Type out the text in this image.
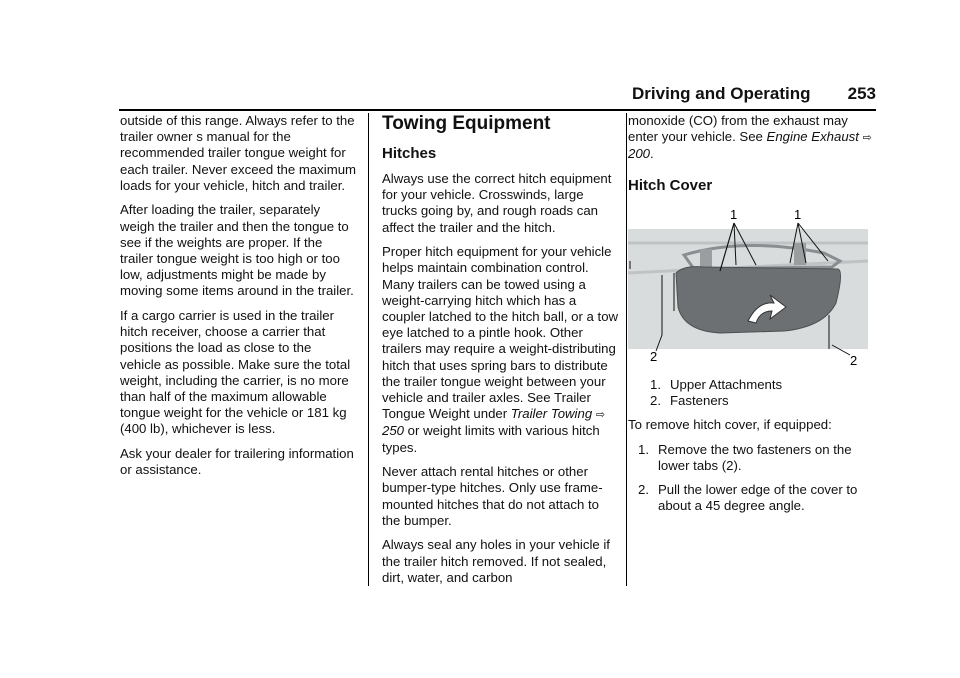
Driving and Operating 253

outside of this range. Always refer to the trailer owner s manual for the recommended trailer tongue weight for each trailer. Never exceed the maximum loads for your vehicle, hitch and trailer.

After loading the trailer, separately weigh the trailer and then the tongue to see if the weights are proper. If the trailer tongue weight is too high or too low, adjustments might be made by moving some items around in the trailer.

If a cargo carrier is used in the trailer hitch receiver, choose a carrier that positions the load as close to the vehicle as possible. Make sure the total weight, including the carrier, is no more than half of the maximum allowable tongue weight for the vehicle or 181 kg (400 lb), whichever is less.

Ask your dealer for trailering information or assistance.

Towing Equipment
Hitches

Always use the correct hitch equipment for your vehicle. Crosswinds, large trucks going by, and rough roads can affect the trailer and the hitch.

Proper hitch equipment for your vehicle helps maintain combination control. Many trailers can be towed using a weight-carrying hitch which has a coupler latched to the hitch ball, or a tow eye latched to a pintle hook. Other trailers may require a weight-distributing hitch that uses spring bars to distribute the trailer tongue weight between your vehicle and trailer axles. See Trailer Tongue Weight under Trailer Towing ⇨ 250 or weight limits with various hitch types.

Never attach rental hitches or other bumper-type hitches. Only use frame-mounted hitches that do not attach to the bumper.

Always seal any holes in your vehicle if the trailer hitch removed. If not sealed, dirt, water, and carbon

monoxide (CO) from the exhaust may enter your vehicle. See Engine Exhaust ⇨ 200.

Hitch Cover
1	1
2	2
1. Upper Attachments
2. Fasteners

To remove hitch cover, if equipped:

1. Remove the two fasteners on the lower tabs (2).
2. Pull the lower edge of the cover to about a 45 degree angle.
